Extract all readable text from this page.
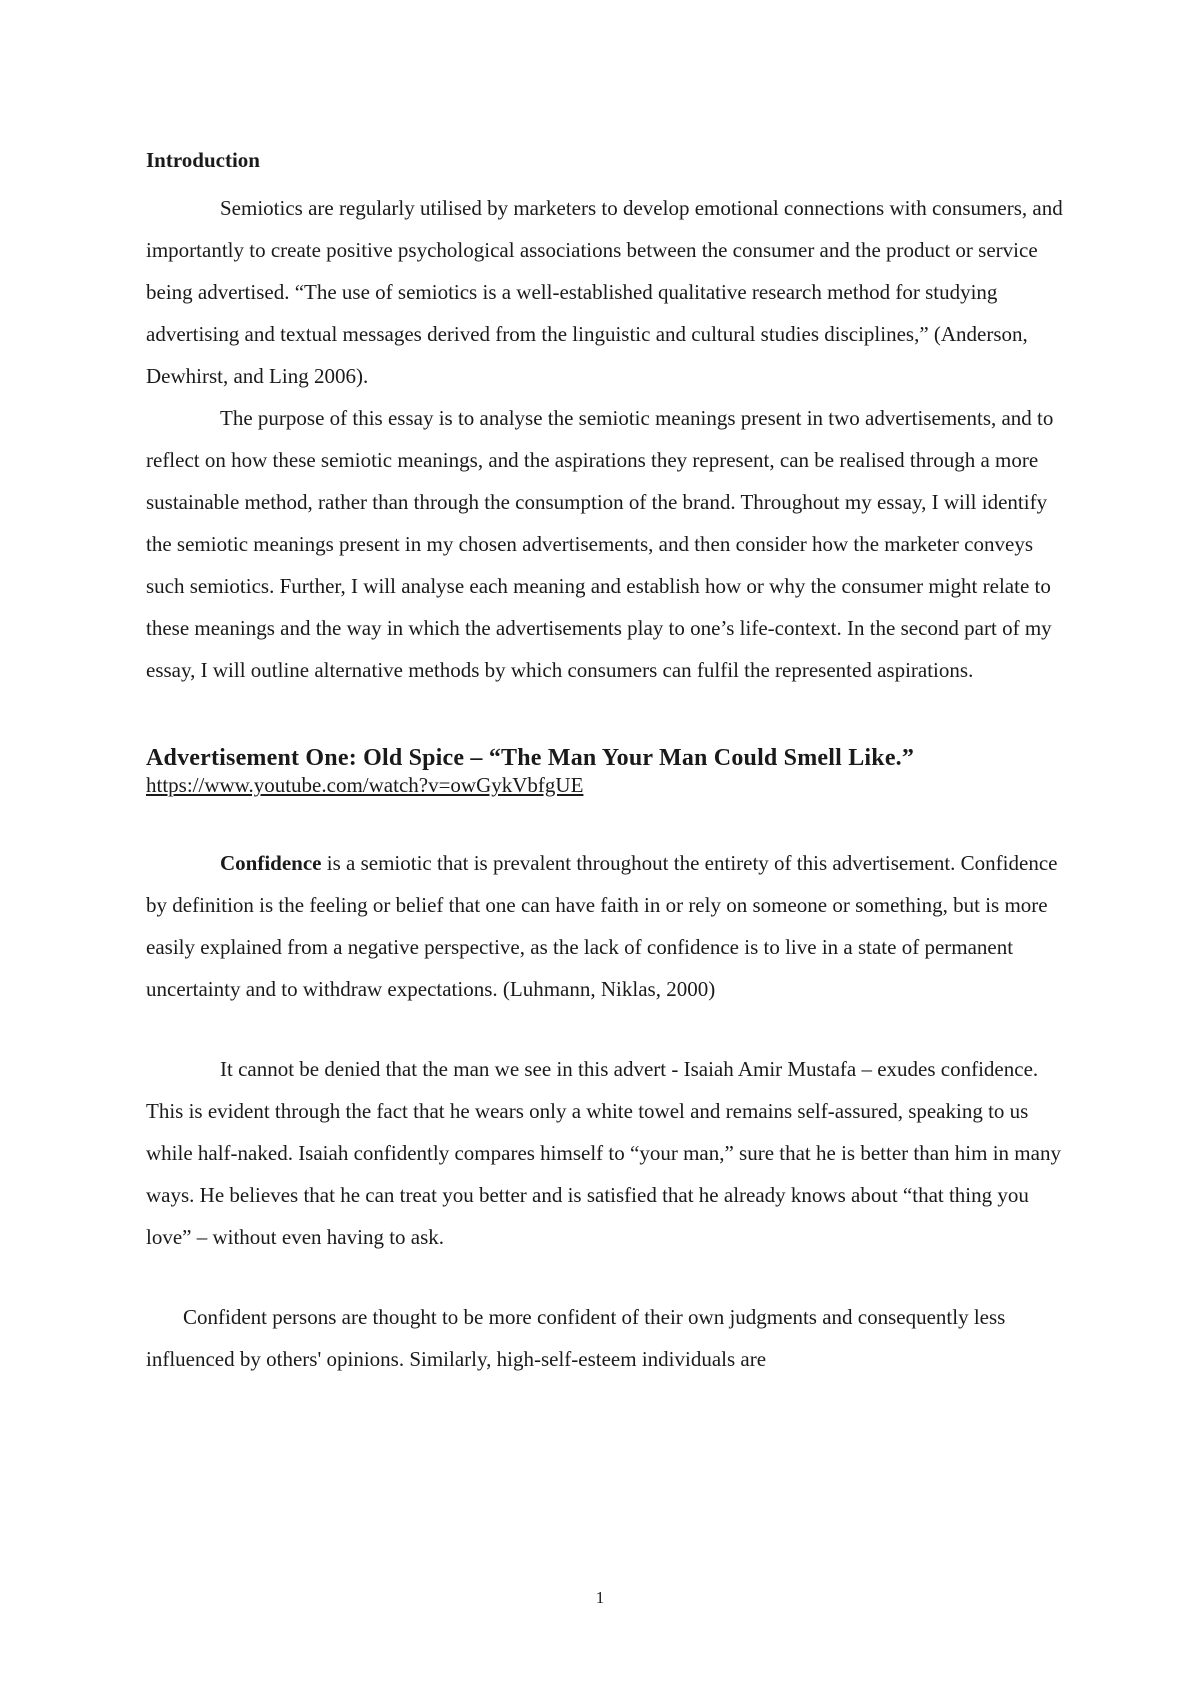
Introduction

Semiotics are regularly utilised by marketers to develop emotional connections with consumers, and importantly to create positive psychological associations between the consumer and the product or service being advertised. “The use of semiotics is a well-established qualitative research method for studying advertising and textual messages derived from the linguistic and cultural studies disciplines,” (Anderson, Dewhirst, and Ling 2006).

The purpose of this essay is to analyse the semiotic meanings present in two advertisements, and to reflect on how these semiotic meanings, and the aspirations they represent, can be realised through a more sustainable method, rather than through the consumption of the brand. Throughout my essay, I will identify the semiotic meanings present in my chosen advertisements, and then consider how the marketer conveys such semiotics. Further, I will analyse each meaning and establish how or why the consumer might relate to these meanings and the way in which the advertisements play to one’s life-context. In the second part of my essay, I will outline alternative methods by which consumers can fulfil the represented aspirations.

Advertisement One: Old Spice – “The Man Your Man Could Smell Like.”
https://www.youtube.com/watch?v=owGykVbfgUE

Confidence is a semiotic that is prevalent throughout the entirety of this advertisement. Confidence by definition is the feeling or belief that one can have faith in or rely on someone or something, but is more easily explained from a negative perspective, as the lack of confidence is to live in a state of permanent uncertainty and to withdraw expectations. (Luhmann, Niklas, 2000)

It cannot be denied that the man we see in this advert - Isaiah Amir Mustafa – exudes confidence. This is evident through the fact that he wears only a white towel and remains self-assured, speaking to us while half-naked. Isaiah confidently compares himself to “your man,” sure that he is better than him in many ways. He believes that he can treat you better and is satisfied that he already knows about “that thing you love” – without even having to ask.

Confident persons are thought to be more confident of their own judgments and consequently less influenced by others' opinions. Similarly, high-self-esteem individuals are

1
